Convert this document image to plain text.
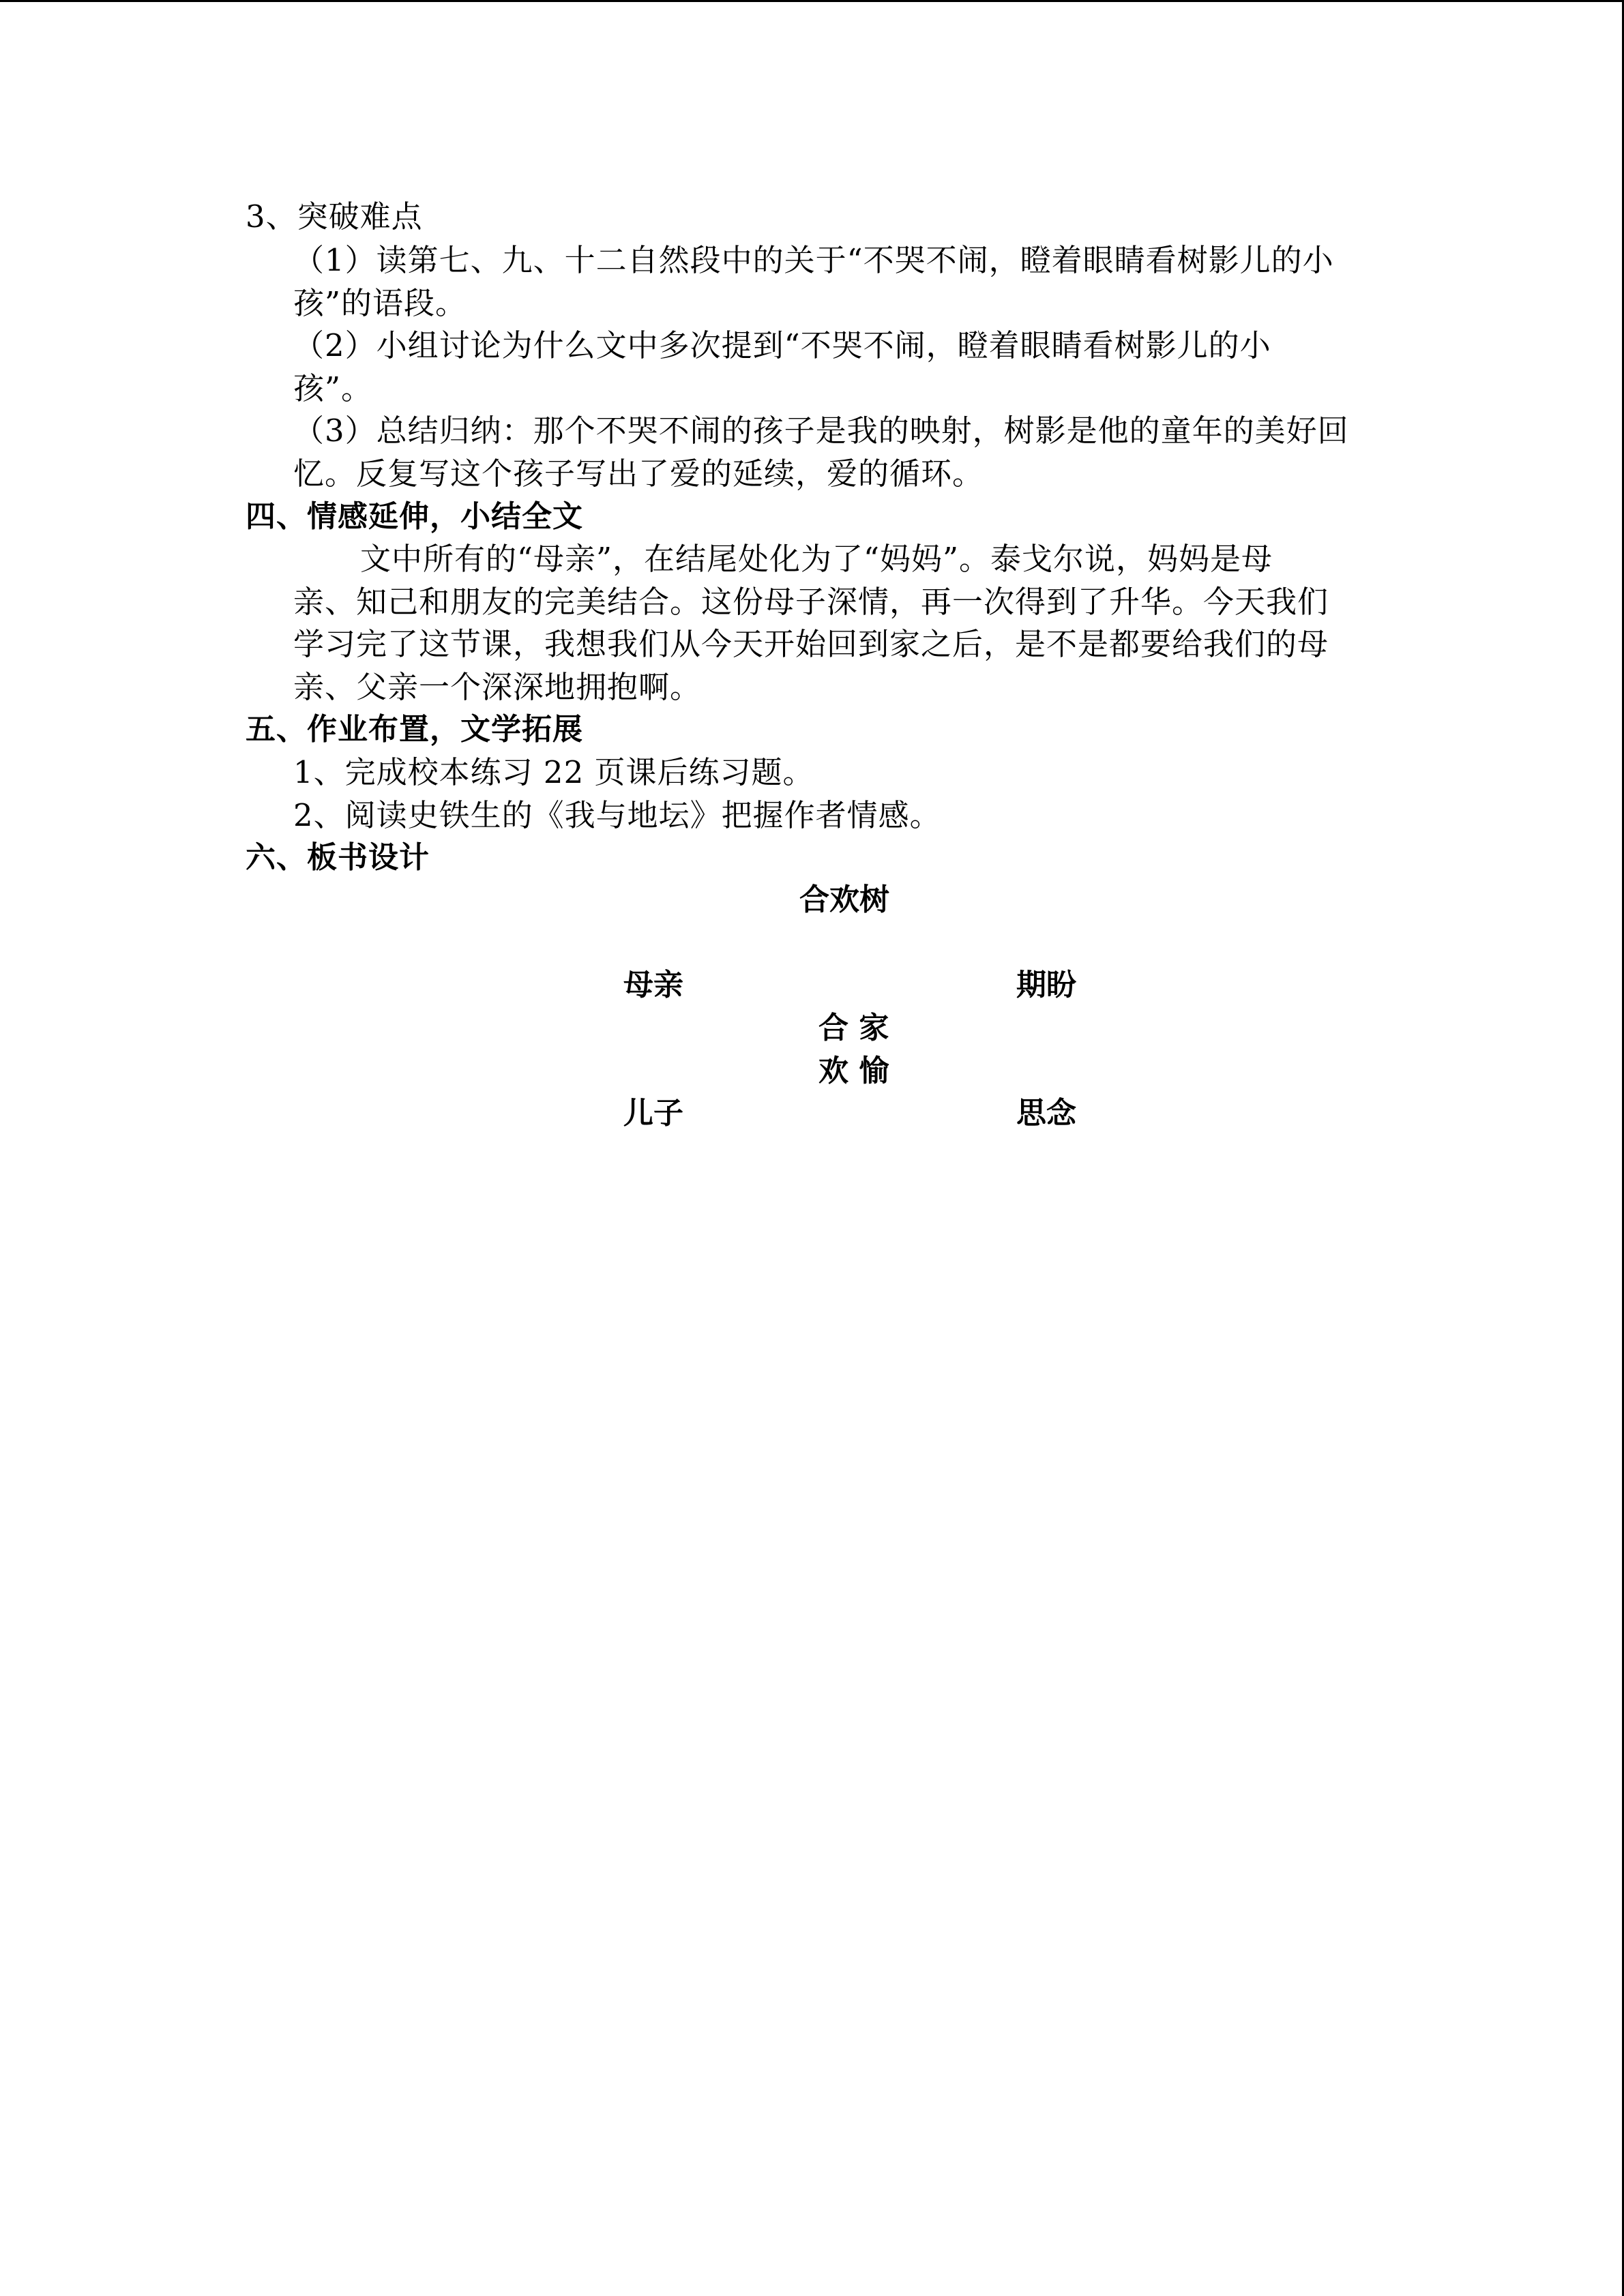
3、突破难点
（1）读第七、九、十二自然段中的关于“不哭不闹，瞪着眼睛看树影儿的小
孩”的语段。
（2）小组讨论为什么文中多次提到“不哭不闹，瞪着眼睛看树影儿的小
孩”。
（3）总结归纳：那个不哭不闹的孩子是我的映射，树影是他的童年的美好回
忆。反复写这个孩子写出了爱的延续，爱的循环。
四、情感延伸，小结全文
文中所有的“母亲”，在结尾处化为了“妈妈”。泰戈尔说，妈妈是母
亲、知己和朋友的完美结合。这份母子深情，再一次得到了升华。今天我们
学习完了这节课，我想我们从今天开始回到家之后，是不是都要给我们的母
亲、父亲一个深深地拥抱啊。
五、作业布置，文学拓展
1、完成校本练习 22 页课后练习题。
2、阅读史铁生的《我与地坛》把握作者情感。
六、板书设计
合欢树
母亲	期盼
合 家
欢 愉
儿子	思念
